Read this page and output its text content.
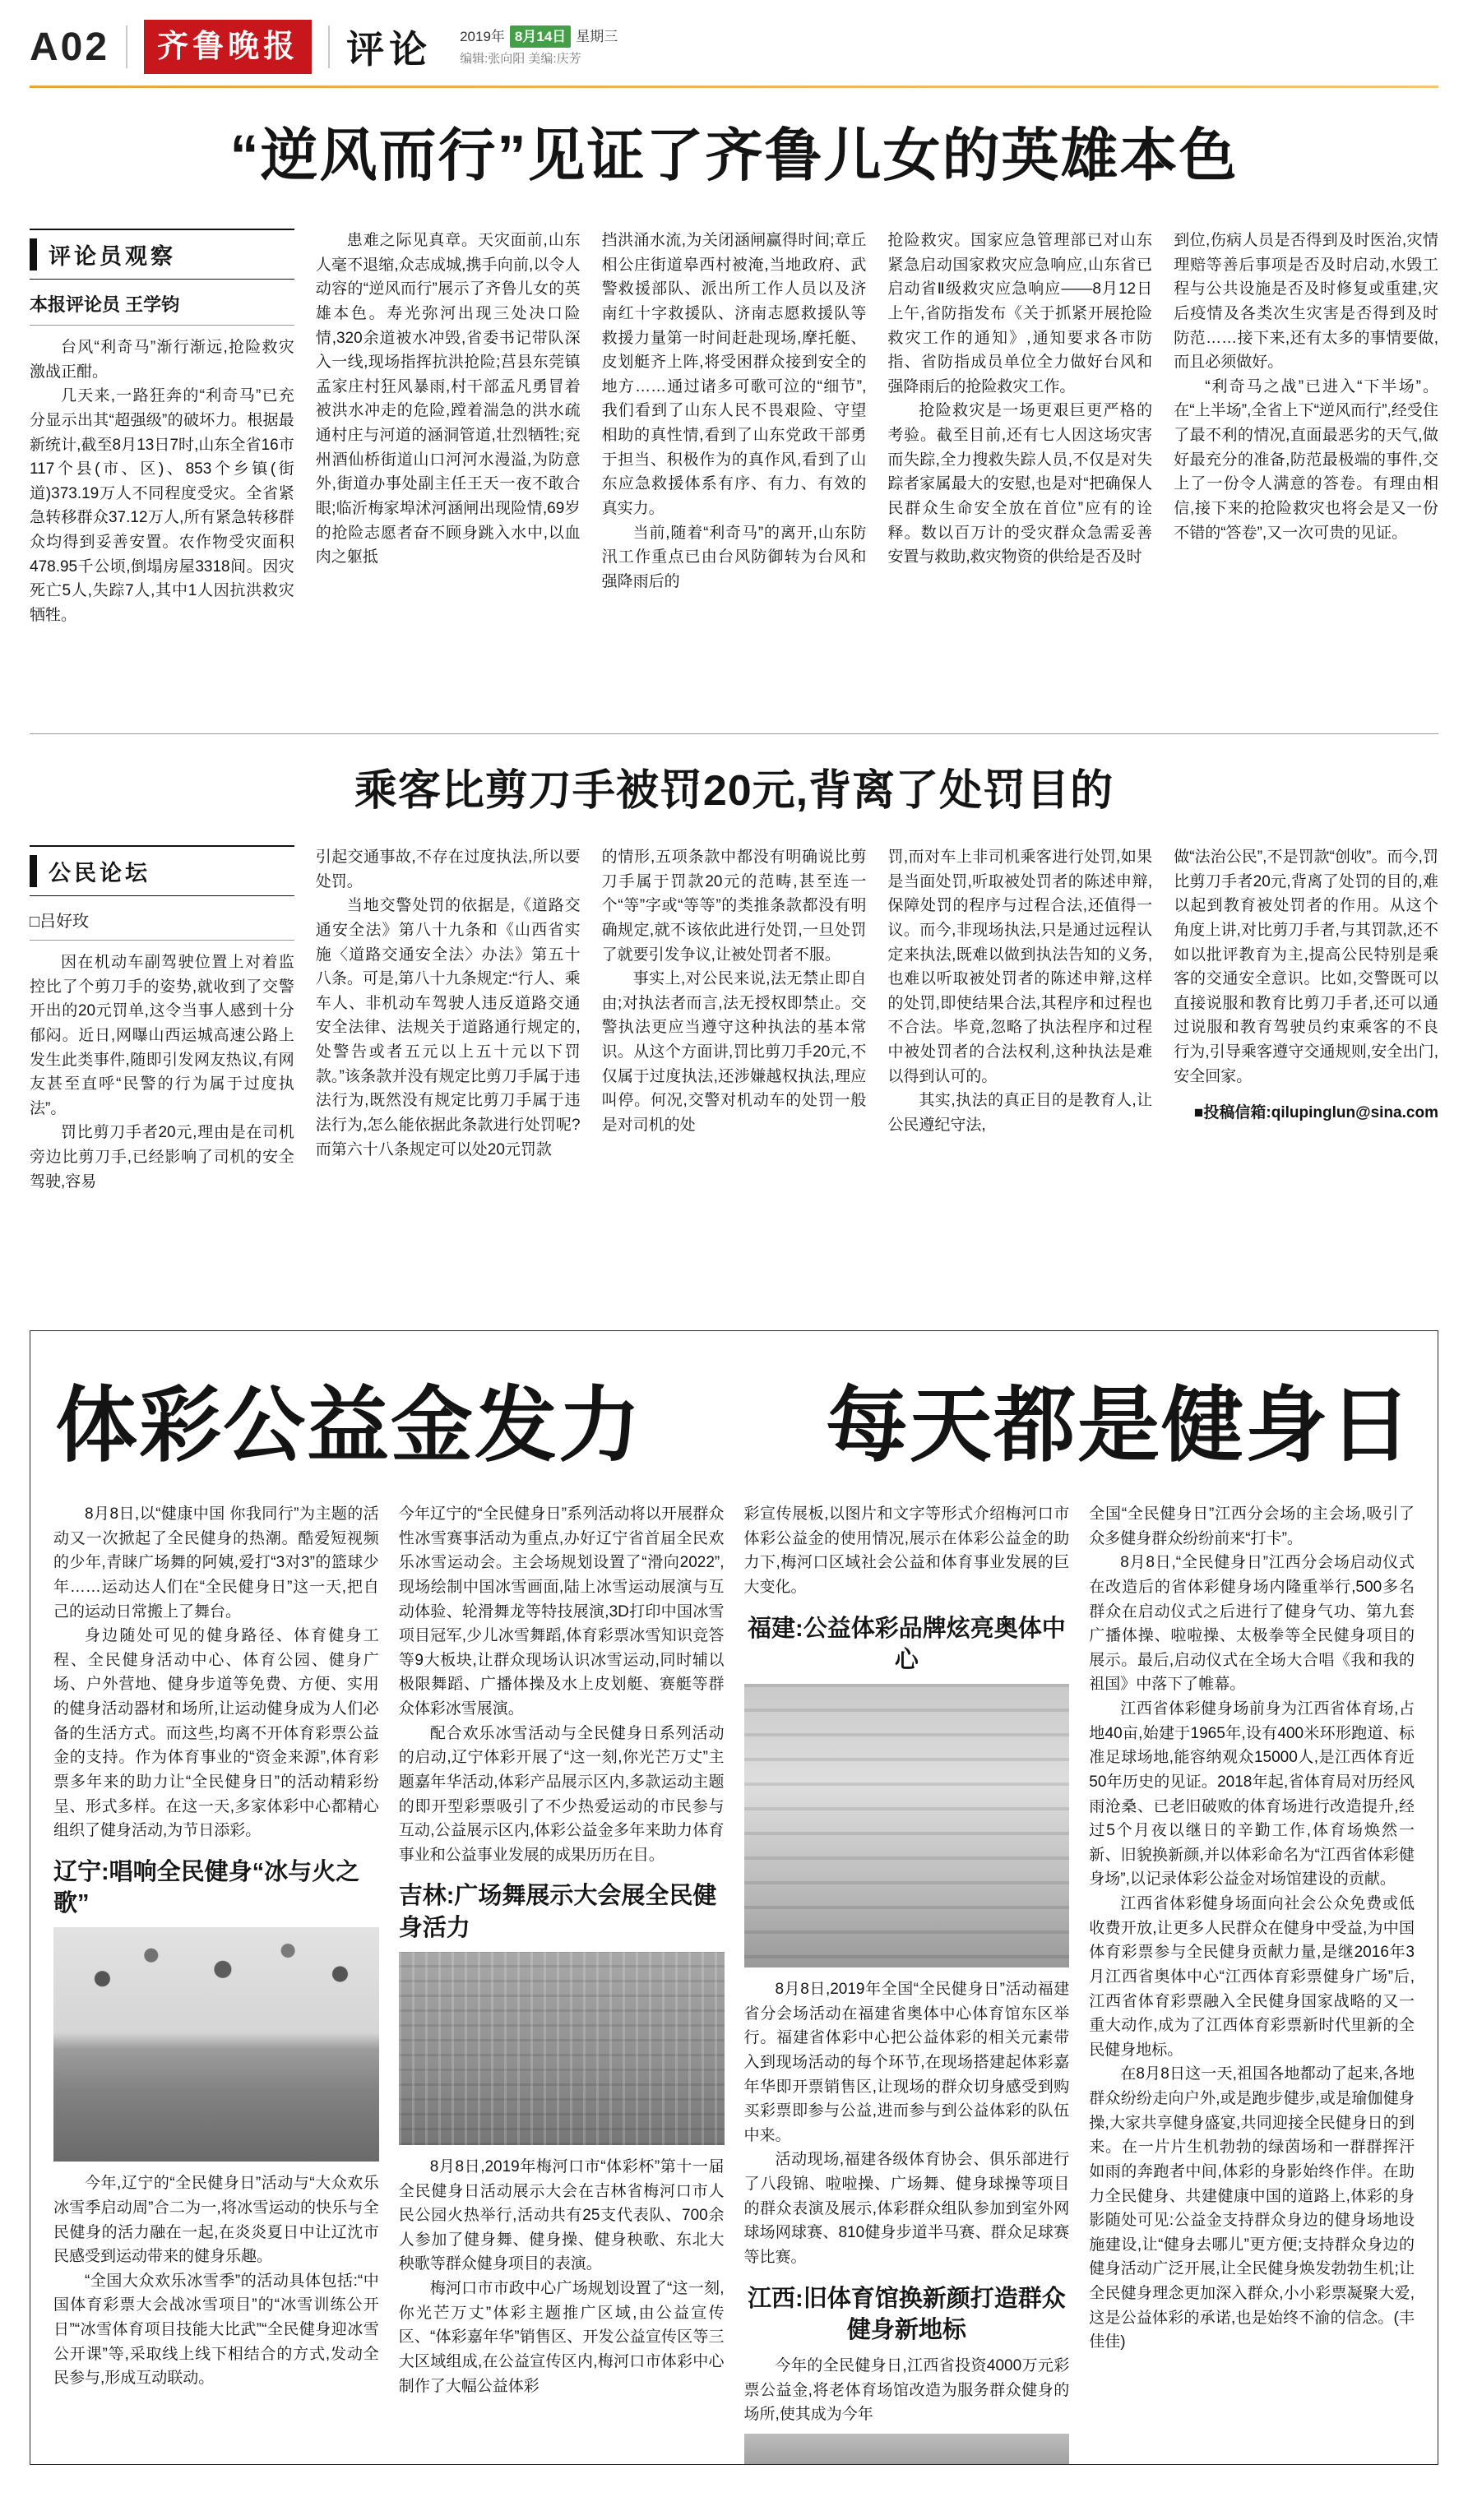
A02	齐鲁晚报	评论 2019年 8月14日 星期三
编辑:张向阳 美编:庆芳
“逆风而行”见证了齐鲁儿女的英雄本色
评论员观察
本报评论员 王学钧

台风“利奇马”渐行渐远,抢险救灾激战正酣。

几天来,一路狂奔的“利奇马”已充分显示出其“超强级”的破坏力。根据最新统计,截至8月13日7时,山东全省16市117个县(市、区)、853个乡镇(街道)373.19万人不同程度受灾。全省紧急转移群众37.12万人,所有紧急转移群众均得到妥善安置。农作物受灾面积478.95千公顷,倒塌房屋3318间。因灾死亡5人,失踪7人,其中1人因抗洪救灾牺牲。

患难之际见真章。天灾面前,山东人毫不退缩,众志成城,携手向前,以令人动容的“逆风而行”展示了齐鲁儿女的英雄本色。寿光弥河出现三处决口险情,320余道被水冲毁,省委书记带队深入一线,现场指挥抗洪抢险;莒县东莞镇孟家庄村狂风暴雨,村干部孟凡勇冒着被洪水冲走的危险,蹚着湍急的洪水疏通村庄与河道的涵洞管道,壮烈牺牲;兖州酒仙桥街道山口河河水漫溢,为防意外,街道办事处副主任王天一夜不敢合眼;临沂梅家埠沭河涵闸出现险情,69岁的抢险志愿者奋不顾身跳入水中,以血肉之躯抵

挡洪涌水流,为关闭涵闸赢得时间;章丘相公庄街道皋西村被淹,当地政府、武警救援部队、派出所工作人员以及济南红十字救援队、济南志愿救援队等救援力量第一时间赶赴现场,摩托艇、皮划艇齐上阵,将受困群众接到安全的地方……通过诸多可歌可泣的“细节”,我们看到了山东人民不畏艰险、守望相助的真性情,看到了山东党政干部勇于担当、积极作为的真作风,看到了山东应急救援体系有序、有力、有效的真实力。

当前,随着“利奇马”的离开,山东防汛工作重点已由台风防御转为台风和强降雨后的

抢险救灾。国家应急管理部已对山东紧急启动国家救灾应急响应,山东省已启动省Ⅱ级救灾应急响应——8月12日上午,省防指发布《关于抓紧开展抢险救灾工作的通知》,通知要求各市防指、省防指成员单位全力做好台风和强降雨后的抢险救灾工作。

抢险救灾是一场更艰巨更严格的考验。截至目前,还有七人因这场灾害而失踪,全力搜救失踪人员,不仅是对失踪者家属最大的安慰,也是对“把确保人民群众生命安全放在首位”应有的诠释。数以百万计的受灾群众急需妥善安置与救助,救灾物资的供给是否及时

到位,伤病人员是否得到及时医治,灾情理赔等善后事项是否及时启动,水毁工程与公共设施是否及时修复或重建,灾后疫情及各类次生灾害是否得到及时防范……接下来,还有太多的事情要做,而且必须做好。

“利奇马之战”已进入“下半场”。在“上半场”,全省上下“逆风而行”,经受住了最不利的情况,直面最恶劣的天气,做好最充分的准备,防范最极端的事件,交上了一份令人满意的答卷。有理由相信,接下来的抢险救灾也将会是又一份不错的“答卷”,又一次可贵的见证。

乘客比剪刀手被罚20元,背离了处罚目的
公民论坛
□吕好玫

因在机动车副驾驶位置上对着监控比了个剪刀手的姿势,就收到了交警开出的20元罚单,这令当事人感到十分郁闷。近日,网曝山西运城高速公路上发生此类事件,随即引发网友热议,有网友甚至直呼“民警的行为属于过度执法”。

罚比剪刀手者20元,理由是在司机旁边比剪刀手,已经影响了司机的安全驾驶,容易

引起交通事故,不存在过度执法,所以要处罚。

当地交警处罚的依据是,《道路交通安全法》第八十九条和《山西省实施〈道路交通安全法〉办法》第五十八条。可是,第八十九条规定:“行人、乘车人、非机动车驾驶人违反道路交通安全法律、法规关于道路通行规定的,处警告或者五元以上五十元以下罚款。”该条款并没有规定比剪刀手属于违法行为,既然没有规定比剪刀手属于违法行为,怎么能依据此条款进行处罚呢?而第六十八条规定可以处20元罚款

的情形,五项条款中都没有明确说比剪刀手属于罚款20元的范畴,甚至连一个“等”字或“等等”的类推条款都没有明确规定,就不该依此进行处罚,一旦处罚了就要引发争议,让被处罚者不服。

事实上,对公民来说,法无禁止即自由;对执法者而言,法无授权即禁止。交警执法更应当遵守这种执法的基本常识。从这个方面讲,罚比剪刀手20元,不仅属于过度执法,还涉嫌越权执法,理应叫停。何况,交警对机动车的处罚一般是对司机的处

罚,而对车上非司机乘客进行处罚,如果是当面处罚,听取被处罚者的陈述申辩,保障处罚的程序与过程合法,还值得一议。而今,非现场执法,只是通过远程认定来执法,既难以做到执法告知的义务,也难以听取被处罚者的陈述申辩,这样的处罚,即使结果合法,其程序和过程也不合法。毕竟,忽略了执法程序和过程中被处罚者的合法权利,这种执法是难以得到认可的。

其实,执法的真正目的是教育人,让公民遵纪守法,

做“法治公民”,不是罚款“创收”。而今,罚比剪刀手者20元,背离了处罚的目的,难以起到教育被处罚者的作用。从这个角度上讲,对比剪刀手者,与其罚款,还不如以批评教育为主,提高公民特别是乘客的交通安全意识。比如,交警既可以直接说服和教育比剪刀手者,还可以通过说服和教育驾驶员约束乘客的不良行为,引导乘客遵守交通规则,安全出门,安全回家。

■投稿信箱:qilupinglun@sina.com
体彩公益金发力 每天都是健身日

8月8日,以“健康中国 你我同行”为主题的活动又一次掀起了全民健身的热潮。酷爱短视频的少年,青睐广场舞的阿姨,爱打“3对3”的篮球少年……运动达人们在“全民健身日”这一天,把自己的运动日常搬上了舞台。

身边随处可见的健身路径、体育健身工程、全民健身活动中心、体育公园、健身广场、户外营地、健身步道等免费、方便、实用的健身活动器材和场所,让运动健身成为人们必备的生活方式。而这些,均离不开体育彩票公益金的支持。作为体育事业的“资金来源”,体育彩票多年来的助力让“全民健身日”的活动精彩纷呈、形式多样。在这一天,多家体彩中心都精心组织了健身活动,为节日添彩。

辽宁:唱响全民健身“冰与火之歌”

今年,辽宁的“全民健身日”活动与“大众欢乐冰雪季启动周”合二为一,将冰雪运动的快乐与全民健身的活力融在一起,在炎炎夏日中让辽沈市民感受到运动带来的健身乐趣。

“全国大众欢乐冰雪季”的活动具体包括:“中国体育彩票大会战冰雪项目”的“冰雪训练公开日”“冰雪体育项目技能大比武”“全民健身迎冰雪公开课”等,采取线上线下相结合的方式,发动全民参与,形成互动联动。

今年辽宁的“全民健身日”系列活动将以开展群众性冰雪赛事活动为重点,办好辽宁省首届全民欢乐冰雪运动会。主会场规划设置了“滑向2022”,现场绘制中国冰雪画面,陆上冰雪运动展演与互动体验、轮滑舞龙等特技展演,3D打印中国冰雪项目冠军,少儿冰雪舞蹈,体育彩票冰雪知识竞答等9大板块,让群众现场认识冰雪运动,同时辅以极限舞蹈、广播体操及水上皮划艇、赛艇等群众体彩冰雪展演。

配合欢乐冰雪活动与全民健身日系列活动的启动,辽宁体彩开展了“这一刻,你光芒万丈”主题嘉年华活动,体彩产品展示区内,多款运动主题的即开型彩票吸引了不少热爱运动的市民参与互动,公益展示区内,体彩公益金多年来助力体育事业和公益事业发展的成果历历在目。

吉林:广场舞展示大会展全民健身活力

8月8日,2019年梅河口市“体彩杯”第十一届全民健身日活动展示大会在吉林省梅河口市人民公园火热举行,活动共有25支代表队、700余人参加了健身舞、健身操、健身秧歌、东北大秧歌等群众健身项目的表演。

梅河口市市政中心广场规划设置了“这一刻,你光芒万丈”体彩主题推广区域,由公益宣传区、“体彩嘉年华”销售区、开发公益宣传区等三大区域组成,在公益宣传区内,梅河口市体彩中心制作了大幅公益体彩

彩宣传展板,以图片和文字等形式介绍梅河口市体彩公益金的使用情况,展示在体彩公益金的助力下,梅河口区域社会公益和体育事业发展的巨大变化。

福建:公益体彩品牌炫亮奥体中心

8月8日,2019年全国“全民健身日”活动福建省分会场活动在福建省奥体中心体育馆东区举行。福建省体彩中心把公益体彩的相关元素带入到现场活动的每个环节,在现场搭建起体彩嘉年华即开票销售区,让现场的群众切身感受到购买彩票即参与公益,进而参与到公益体彩的队伍中来。

活动现场,福建各级体育协会、俱乐部进行了八段锦、啦啦操、广场舞、健身球操等项目的群众表演及展示,体彩群众组队参加到室外网球场网球赛、810健身步道半马赛、群众足球赛等比赛。

江西:旧体育馆换新颜打造群众健身新地标

今年的全民健身日,江西省投资4000万元彩票公益金,将老体育场馆改造为服务群众健身的场所,使其成为今年

全国“全民健身日”江西分会场的主会场,吸引了众多健身群众纷纷前来“打卡”。

8月8日,“全民健身日”江西分会场启动仪式在改造后的省体彩健身场内隆重举行,500多名群众在启动仪式之后进行了健身气功、第九套广播体操、啦啦操、太极拳等全民健身项目的展示。最后,启动仪式在全场大合唱《我和我的祖国》中落下了帷幕。

江西省体彩健身场前身为江西省体育场,占地40亩,始建于1965年,设有400米环形跑道、标准足球场地,能容纳观众15000人,是江西体育近50年历史的见证。2018年起,省体育局对历经风雨沧桑、已老旧破败的体育场进行改造提升,经过5个月夜以继日的辛勤工作,体育场焕然一新、旧貌换新颜,并以体彩命名为“江西省体彩健身场”,以记录体彩公益金对场馆建设的贡献。

江西省体彩健身场面向社会公众免费或低收费开放,让更多人民群众在健身中受益,为中国体育彩票参与全民健身贡献力量,是继2016年3月江西省奥体中心“江西体育彩票健身广场”后,江西省体育彩票融入全民健身国家战略的又一重大动作,成为了江西体育彩票新时代里新的全民健身地标。

在8月8日这一天,祖国各地都动了起来,各地群众纷纷走向户外,或是跑步健步,或是瑜伽健身操,大家共享健身盛宴,共同迎接全民健身日的到来。在一片片生机勃勃的绿茵场和一群群挥汗如雨的奔跑者中间,体彩的身影始终作伴。在助力全民健身、共建健康中国的道路上,体彩的身影随处可见:公益金支持群众身边的健身场地设施建设,让“健身去哪儿”更方便;支持群众身边的健身活动广泛开展,让全民健身焕发勃勃生机;让全民健身理念更加深入群众,小小彩票凝聚大爱,这是公益体彩的承诺,也是始终不渝的信念。(丰佳佳)
